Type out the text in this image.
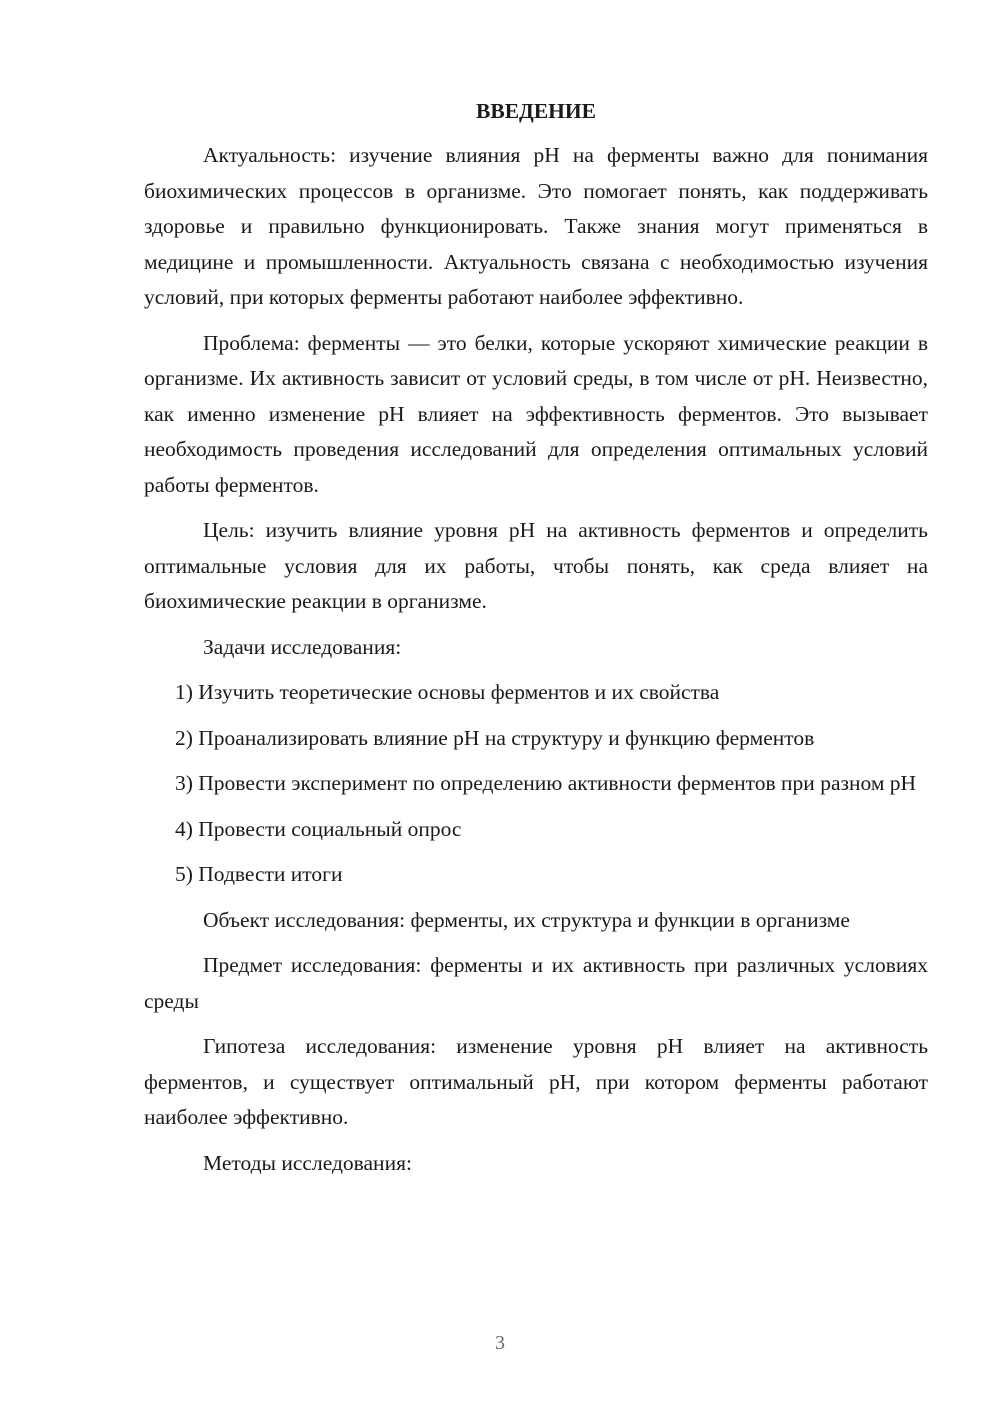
ВВЕДЕНИЕ

Актуальность: изучение влияния pH на ферменты важно для понимания биохимических процессов в организме. Это помогает понять, как поддерживать здоровье и правильно функционировать. Также знания могут применяться в медицине и промышленности. Актуальность связана с необходимостью изучения условий, при которых ферменты работают наиболее эффективно.

Проблема: ферменты — это белки, которые ускоряют химические реакции в организме. Их активность зависит от условий среды, в том числе от pH. Неизвестно, как именно изменение pH влияет на эффективность ферментов. Это вызывает необходимость проведения исследований для определения оптимальных условий работы ферментов.

Цель: изучить влияние уровня pH на активность ферментов и определить оптимальные условия для их работы, чтобы понять, как среда влияет на биохимические реакции в организме.

Задачи исследования:

1) Изучить теоретические основы ферментов и их свойства

2) Проанализировать влияние pH на структуру и функцию ферментов

3) Провести эксперимент по определению активности ферментов при разном pH

4) Провести социальный опрос

5) Подвести итоги

Объект исследования: ферменты, их структура и функции в организме

Предмет исследования: ферменты и их активность при различных условиях среды

Гипотеза исследования: изменение уровня pH влияет на активность ферментов, и существует оптимальный pH, при котором ферменты работают наиболее эффективно.

Методы исследования:

3
